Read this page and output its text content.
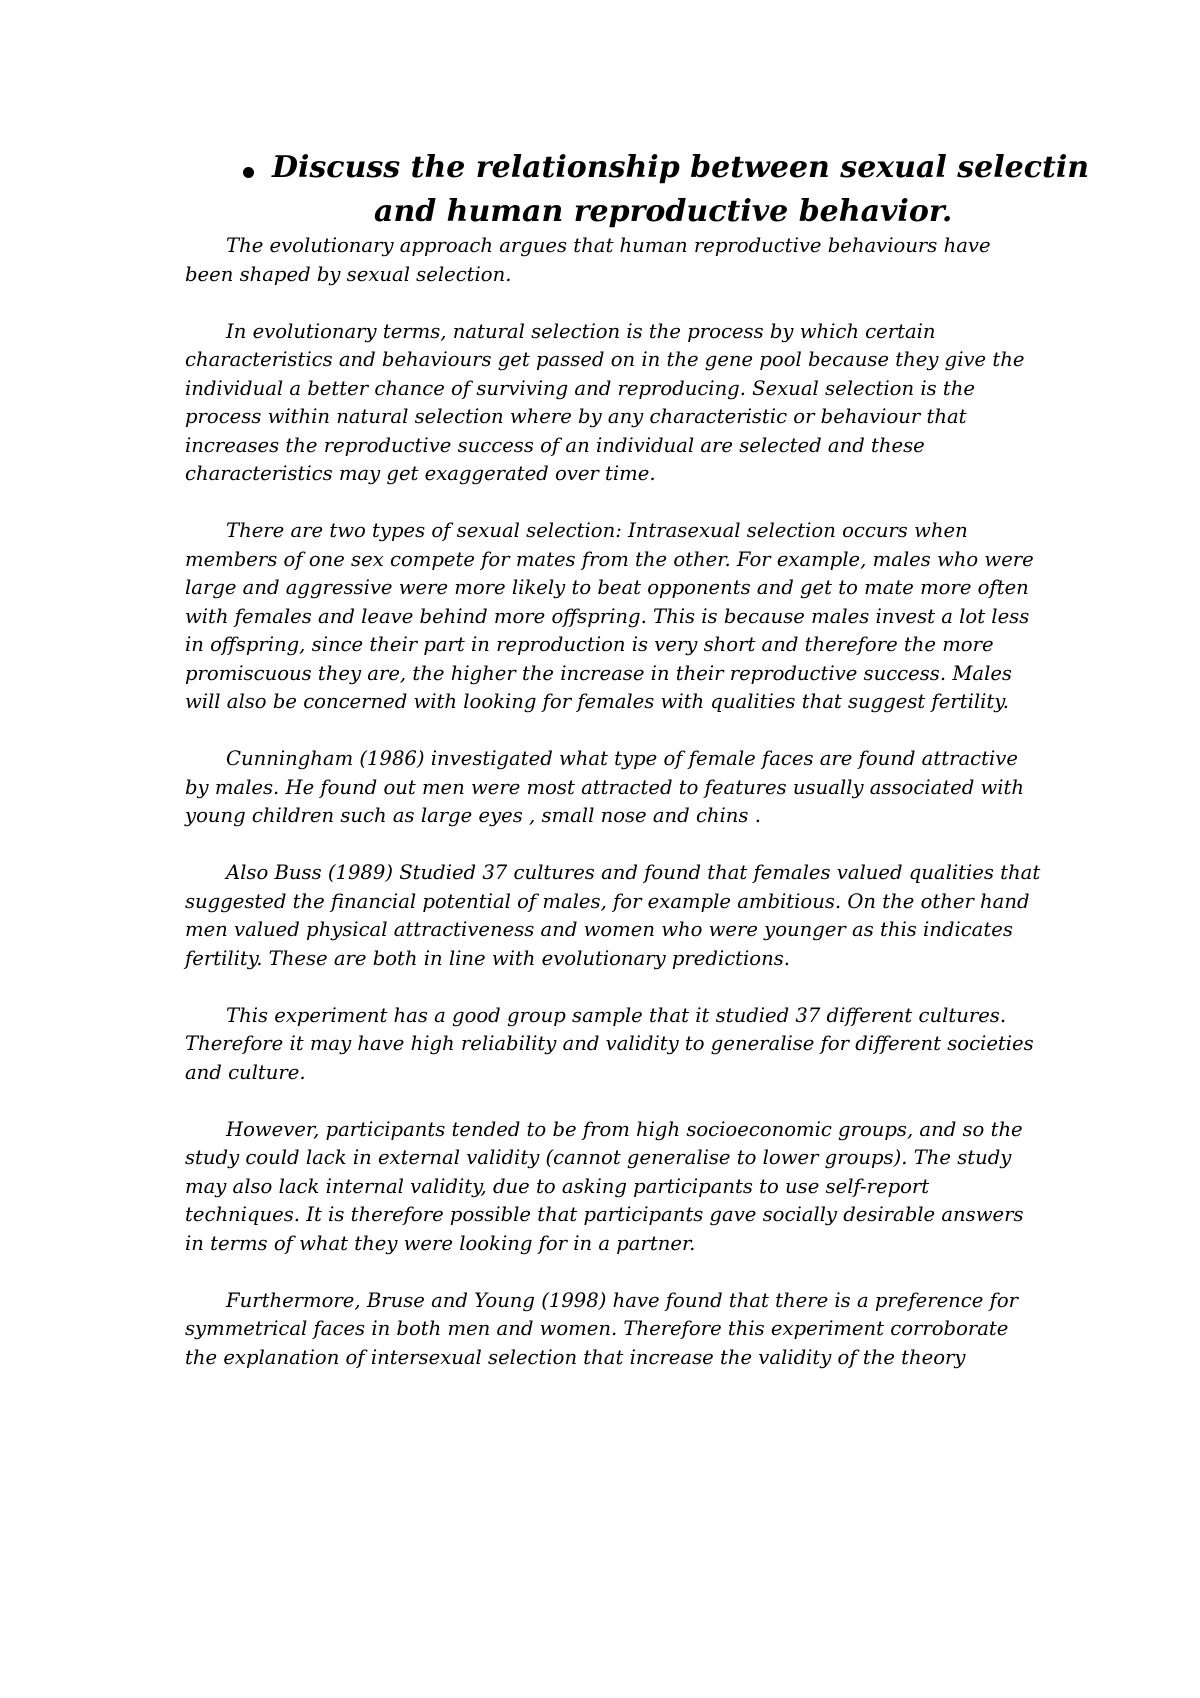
Discuss the relationship between sexual selectin
and human reproductive behavior.

The evolutionary approach argues that human reproductive behaviours have been shaped by sexual selection.

In evolutionary terms, natural selection is the process by which certain characteristics and behaviours get passed on in the gene pool because they give the individual a better chance of surviving and reproducing. Sexual selection is the process within natural selection where by any characteristic or behaviour that increases the reproductive success of an individual are selected and these characteristics may get exaggerated over time.

There are two types of sexual selection: Intrasexual selection occurs when members of one sex compete for mates from the other. For example, males who were large and aggressive were more likely to beat opponents and get to mate more often with females and leave behind more offspring. This is because males invest a lot less in offspring, since their part in reproduction is very short and therefore the more promiscuous they are, the higher the increase in their reproductive success. Males will also be concerned with looking for females with qualities that suggest fertility.

Cunningham (1986) investigated what type of female faces are found attractive by males. He found out men were most attracted to features usually associated with young children such as large eyes , small nose and chins .

Also Buss (1989) Studied 37 cultures and found that females valued qualities that suggested the financial potential of males, for example ambitious. On the other hand men valued physical attractiveness and women who were younger as this indicates fertility. These are both in line with evolutionary predictions.

This experiment has a good group sample that it studied 37 different cultures. Therefore it may have high reliability and validity to generalise for different societies and culture.

However, participants tended to be from high socioeconomic groups, and so the study could lack in external validity (cannot generalise to lower groups). The study may also lack internal validity, due to asking participants to use self-report techniques. It is therefore possible that participants gave socially desirable answers in terms of what they were looking for in a partner.

Furthermore, Bruse and Young (1998) have found that there is a preference for symmetrical faces in both men and women. Therefore this experiment corroborate the explanation of intersexual selection that increase the validity of the theory
